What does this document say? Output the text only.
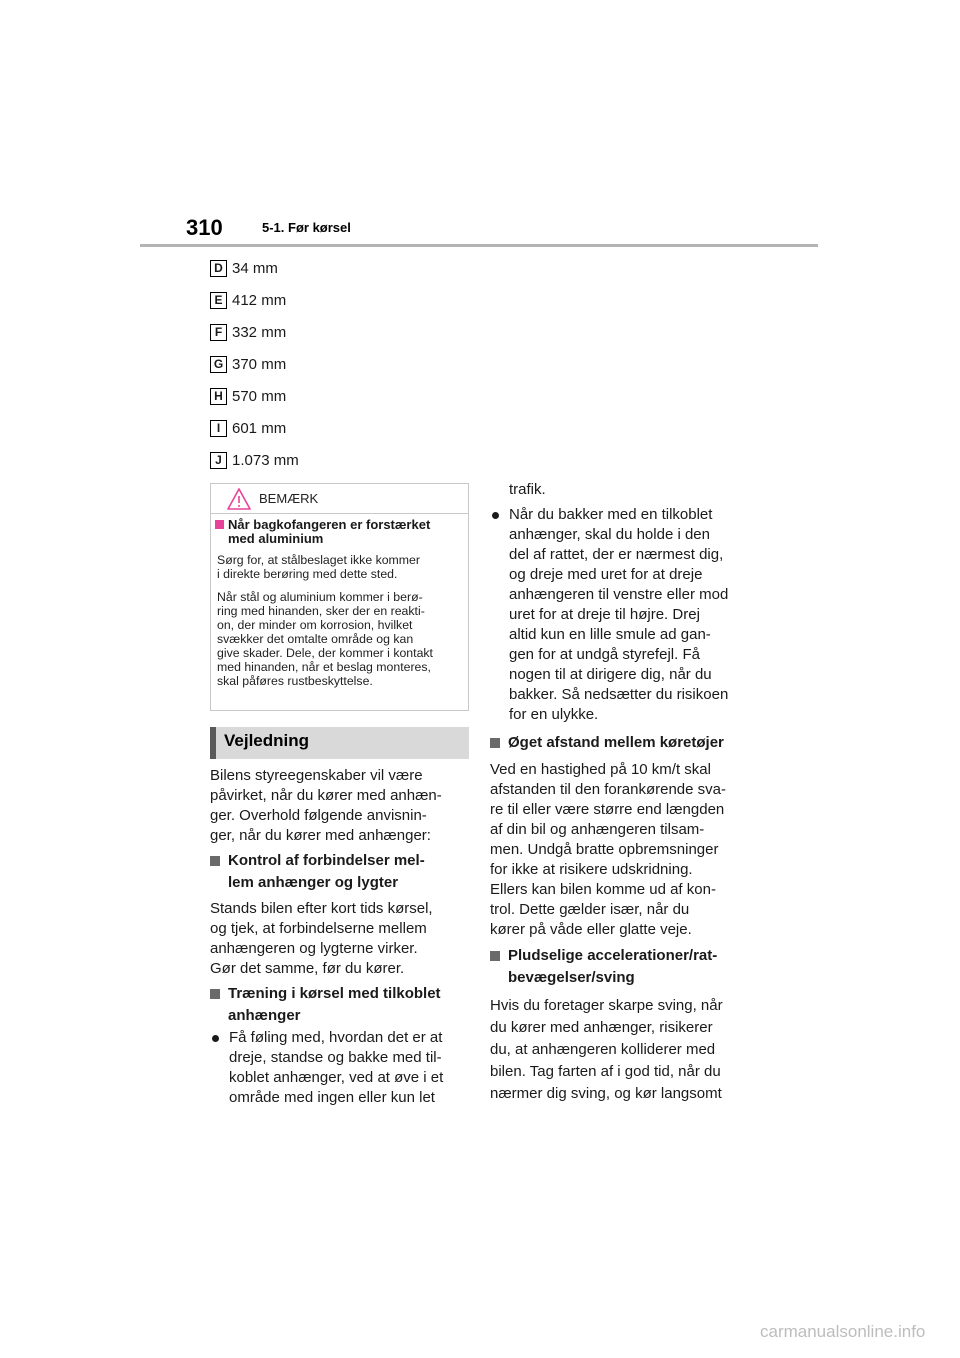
310	5-1. Før kørsel
D 34 mm
E 412 mm
F 332 mm
G 370 mm
H 570 mm
I 601 mm
J 1.073 mm
BEMÆRK
Når bagkofangeren er forstærket
med aluminium
Sørg for, at stålbeslaget ikke kommer
i direkte berøring med dette sted.
Når stål og aluminium kommer i berø-
ring med hinanden, sker der en reakti-
on, der minder om korrosion, hvilket
svækker det omtalte område og kan
give skader. Dele, der kommer i kontakt
med hinanden, når et beslag monteres,
skal påføres rustbeskyttelse.
Vejledning
Bilens styreegenskaber vil være
påvirket, når du kører med anhæn-
ger. Overhold følgende anvisnin-
ger, når du kører med anhænger:
Kontrol af forbindelser mel-
lem anhænger og lygter
Stands bilen efter kort tids kørsel,
og tjek, at forbindelserne mellem
anhængeren og lygterne virker.
Gør det samme, før du kører.
Træning i kørsel med tilkoblet
anhænger
Få føling med, hvordan det er at
dreje, standse og bakke med til-
koblet anhænger, ved at øve i et
område med ingen eller kun let
trafik.
Når du bakker med en tilkoblet
anhænger, skal du holde i den
del af rattet, der er nærmest dig,
og dreje med uret for at dreje
anhængeren til venstre eller mod
uret for at dreje til højre. Drej
altid kun en lille smule ad gan-
gen for at undgå styrefejl. Få
nogen til at dirigere dig, når du
bakker. Så nedsætter du risikoen
for en ulykke.
Øget afstand mellem køretøjer
Ved en hastighed på 10 km/t skal
afstanden til den forankørende sva-
re til eller være større end længden
af din bil og anhængeren tilsam-
men. Undgå bratte opbremsninger
for ikke at risikere udskridning.
Ellers kan bilen komme ud af kon-
trol. Dette gælder især, når du
kører på våde eller glatte veje.
Pludselige accelerationer/rat-
bevægelser/sving
Hvis du foretager skarpe sving, når
du kører med anhænger, risikerer
du, at anhængeren kolliderer med
bilen. Tag farten af i god tid, når du
nærmer dig sving, og kør langsomt
carmanualsonline.info
